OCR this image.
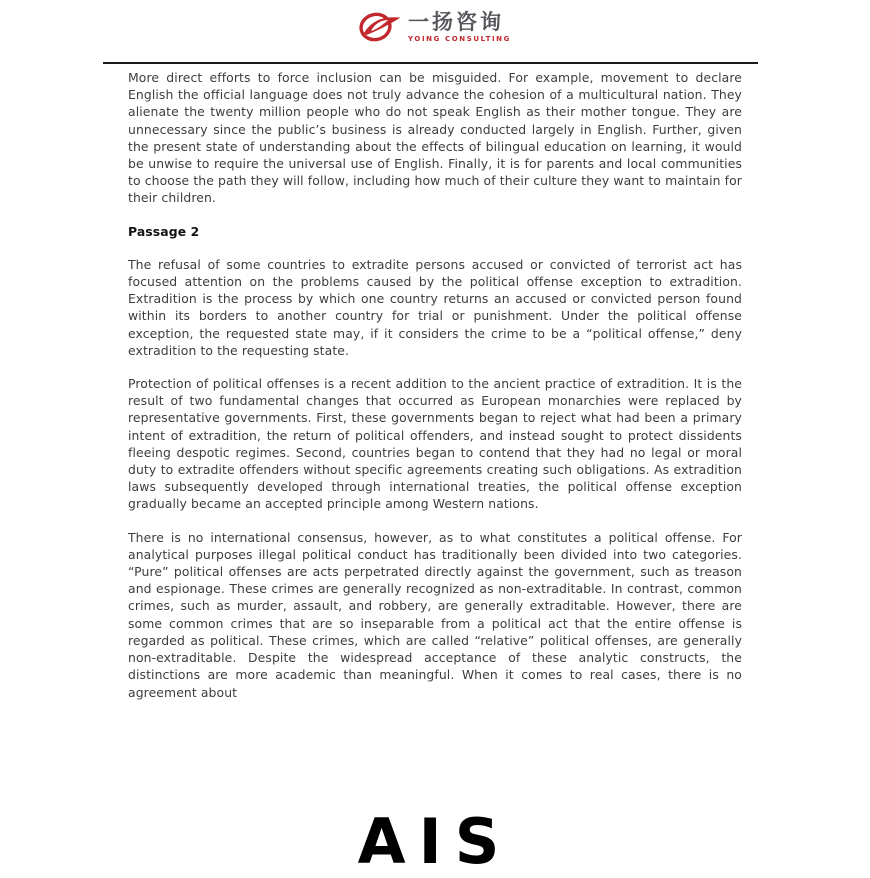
一扬咨询
YOING CONSULTING

More direct efforts to force inclusion can be misguided. For example, movement to declare English the official language does not truly advance the cohesion of a multicultural nation. They alienate the twenty million people who do not speak English as their mother tongue. They are unnecessary since the public’s business is already conducted largely in English. Further, given the present state of understanding about the effects of bilingual education on learning, it would be unwise to require the universal use of English. Finally, it is for parents and local communities to choose the path they will follow, including how much of their culture they want to maintain for their children.

Passage 2

The refusal of some countries to extradite persons accused or convicted of terrorist act has focused attention on the problems caused by the political offense exception to extradition. Extradition is the process by which one country returns an accused or convicted person found within its borders to another country for trial or punishment. Under the political offense exception, the requested state may, if it considers the crime to be a “political offense,” deny extradition to the requesting state.

Protection of political offenses is a recent addition to the ancient practice of extradition. It is the result of two fundamental changes that occurred as European monarchies were replaced by representative governments. First, these governments began to reject what had been a primary intent of extradition, the return of political offenders, and instead sought to protect dissidents fleeing despotic regimes. Second, countries began to contend that they had no legal or moral duty to extradite offenders without specific agreements creating such obligations. As extradition laws subsequently developed through international treaties, the political offense exception gradually became an accepted principle among Western nations.

There is no international consensus, however, as to what constitutes a political offense. For analytical purposes illegal political conduct has traditionally been divided into two categories. “Pure” political offenses are acts perpetrated directly against the government, such as treason and espionage. These crimes are generally recognized as non-extraditable. In contrast, common crimes, such as murder, assault, and robbery, are generally extraditable. However, there are some common crimes that are so inseparable from a political act that the entire offense is regarded as political. These crimes, which are called “relative” political offenses, are generally non-extraditable. Despite the widespread acceptance of these analytic constructs, the distinctions are more academic than meaningful. When it comes to real cases, there is no agreement about

AIS
